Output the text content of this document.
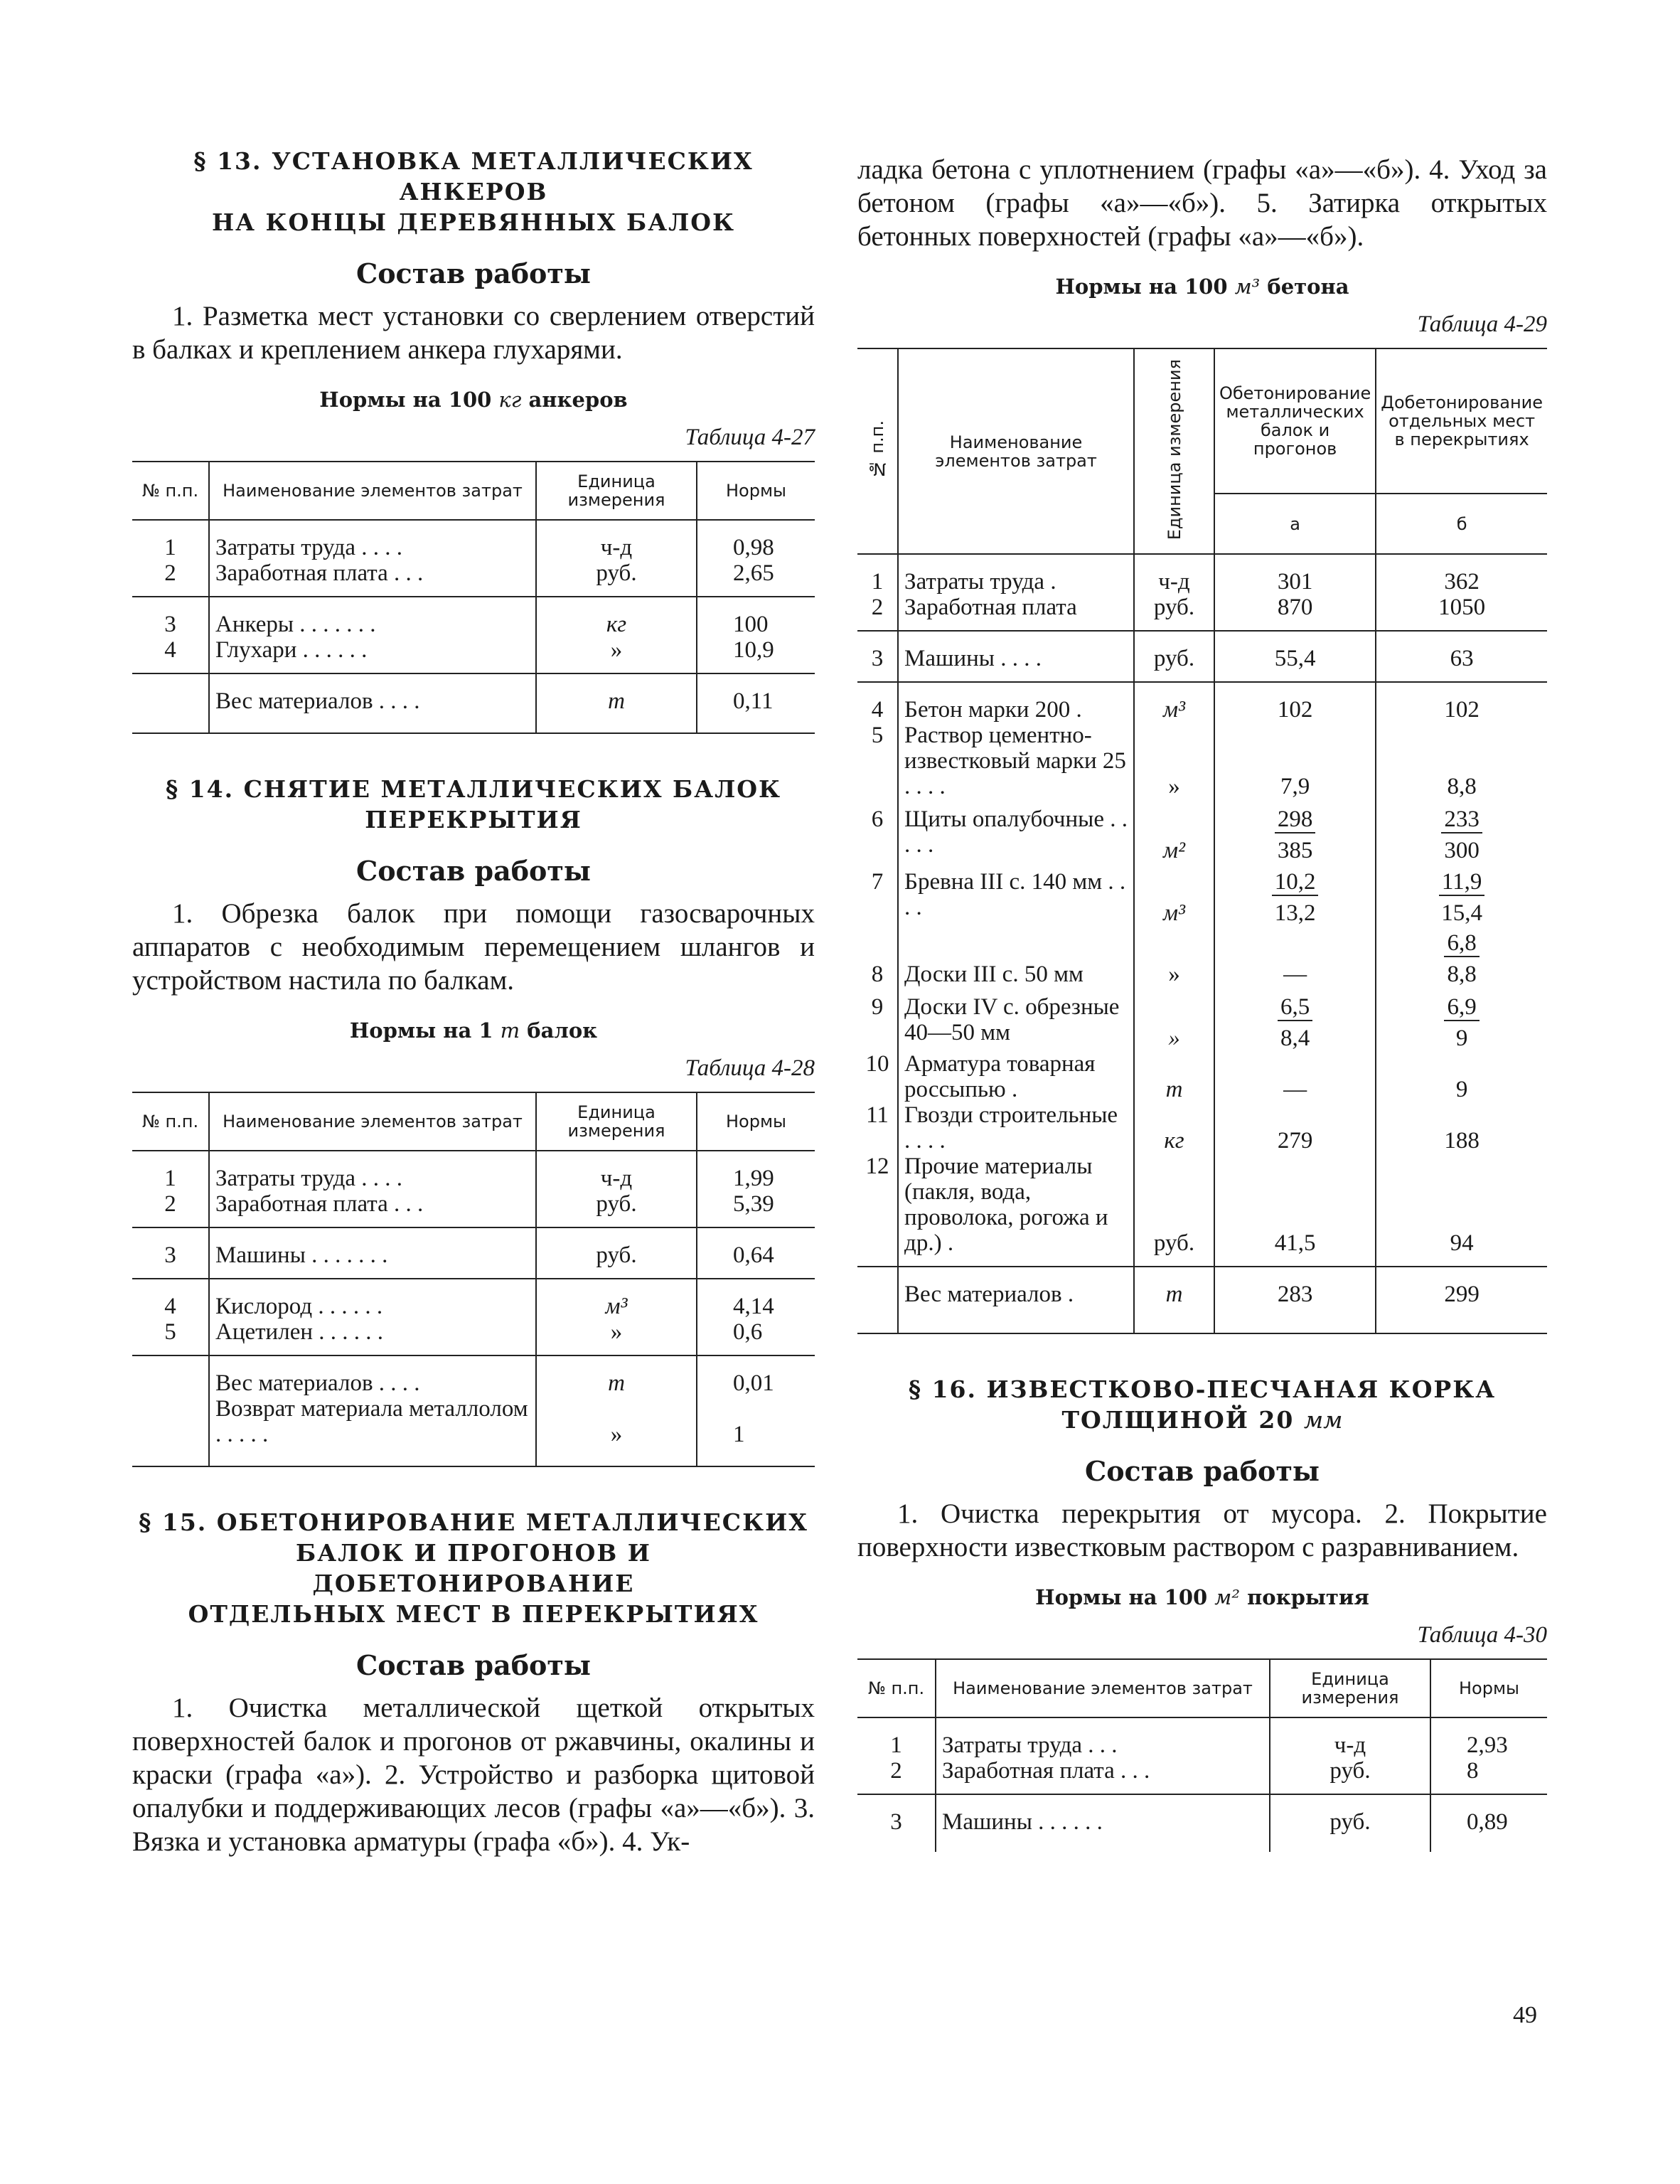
§ 13. УСТАНОВКА МЕТАЛЛИЧЕСКИХ АНКЕРОВ
НА КОНЦЫ ДЕРЕВЯННЫХ БАЛОК
Состав работы

1. Разметка мест установки со сверлением отверстий в балках и креплением анкера глухарями.

Нормы на 100 кг анкеров
Таблица 4-27
№ п.п.	Наименование элементов затрат	Единица измерения	Нормы
1	Затраты труда . . . .	ч-д	0,98
2	Заработная плата . . .	руб.	2,65
3	Анкеры . . . . . . .	кг	100
4	Глухари . . . . . .	»	10,9
	Вес материалов . . . .	т	0,11
§ 14. СНЯТИЕ МЕТАЛЛИЧЕСКИХ БАЛОК
ПЕРЕКРЫТИЯ
Состав работы

1. Обрезка балок при помощи газосварочных аппаратов с необходимым перемещением шлангов и устройством настила по балкам.

Нормы на 1 т балок
Таблица 4-28
№ п.п.	Наименование элементов затрат	Единица измерения	Нормы
1	Затраты труда . . . .	ч-д	1,99
2	Заработная плата . . .	руб.	5,39
3	Машины . . . . . . .	руб.	0,64
4	Кислород . . . . . .	м³	4,14
5	Ацетилен . . . . . .	»	0,6
	Вес материалов . . . .	т	0,01
	Возврат материала металлолом . . . . .	»	1
§ 15. ОБЕТОНИРОВАНИЕ МЕТАЛЛИЧЕСКИХ
БАЛОК И ПРОГОНОВ И ДОБЕТОНИРОВАНИЕ
ОТДЕЛЬНЫХ МЕСТ В ПЕРЕКРЫТИЯХ
Состав работы

1. Очистка металлической щеткой открытых поверхностей балок и прогонов от ржавчины, окалины и краски (графа «а»). 2. Устройство и разборка щитовой опалубки и поддерживающих лесов (графы «а»—«б»). 3. Вязка и установка арматуры (графа «б»). 4. Ук-

ладка бетона с уплотнением (графы «а»—«б»). 4. Уход за бетоном (графы «а»—«б»). 5. Затирка открытых бетонных поверхностей (графы «а»—«б»).

Нормы на 100 м³ бетона
Таблица 4-29
№ п.п.	Наименование элементов затрат	Единица измерения	Обетонирование металлических балок и прогонов	Добетонирование отдельных мест в перекрытиях
			а	б
1	Затраты труда .	ч-д	301	362
2	Заработная плата	руб.	870	1050
3	Машины . . . .	руб.	55,4	63
4	Бетон марки 200 .	м³	102	102
5	Раствор цементно-известковый марки 25 . . . .	»	7,9	8,8
6	Щиты опалубочные . . . . .	м²	$\frac{298}{385}$	$\frac{233}{300}$

7	Бревна III с. 140 мм . . . .	м³	$\frac{10,2}{13,2}$	$\frac{11,9}{15,4}$

8	Доски III с. 50 мм	»	—	$\frac{6,8}{8,8}$

9	Доски IV с. обрезные 40—50 мм	»	$\frac{6,5}{8,4}$	$\frac{6,9}{9}$

10	Арматура товарная россыпью .	т	—	9
11	Гвозди строительные . . . .	кг	279	188
12	Прочие материалы (пакля, вода, проволока, рогожа и др.) .	руб.	41,5	94
	Вес материалов .	т	283	299
§ 16. ИЗВЕСТКОВО-ПЕСЧАНАЯ КОРКА
ТОЛЩИНОЙ 20 мм
Состав работы

1. Очистка перекрытия от мусора. 2. Покрытие поверхности известковым раствором с разравниванием.

Нормы на 100 м² покрытия
Таблица 4-30
№ п.п.	Наименование элементов затрат	Единица измерения	Нормы
1	Затраты труда . . .	ч-д	2,93
2	Заработная плата . . .	руб.	8
3	Машины . . . . . .	руб.	0,89
49
